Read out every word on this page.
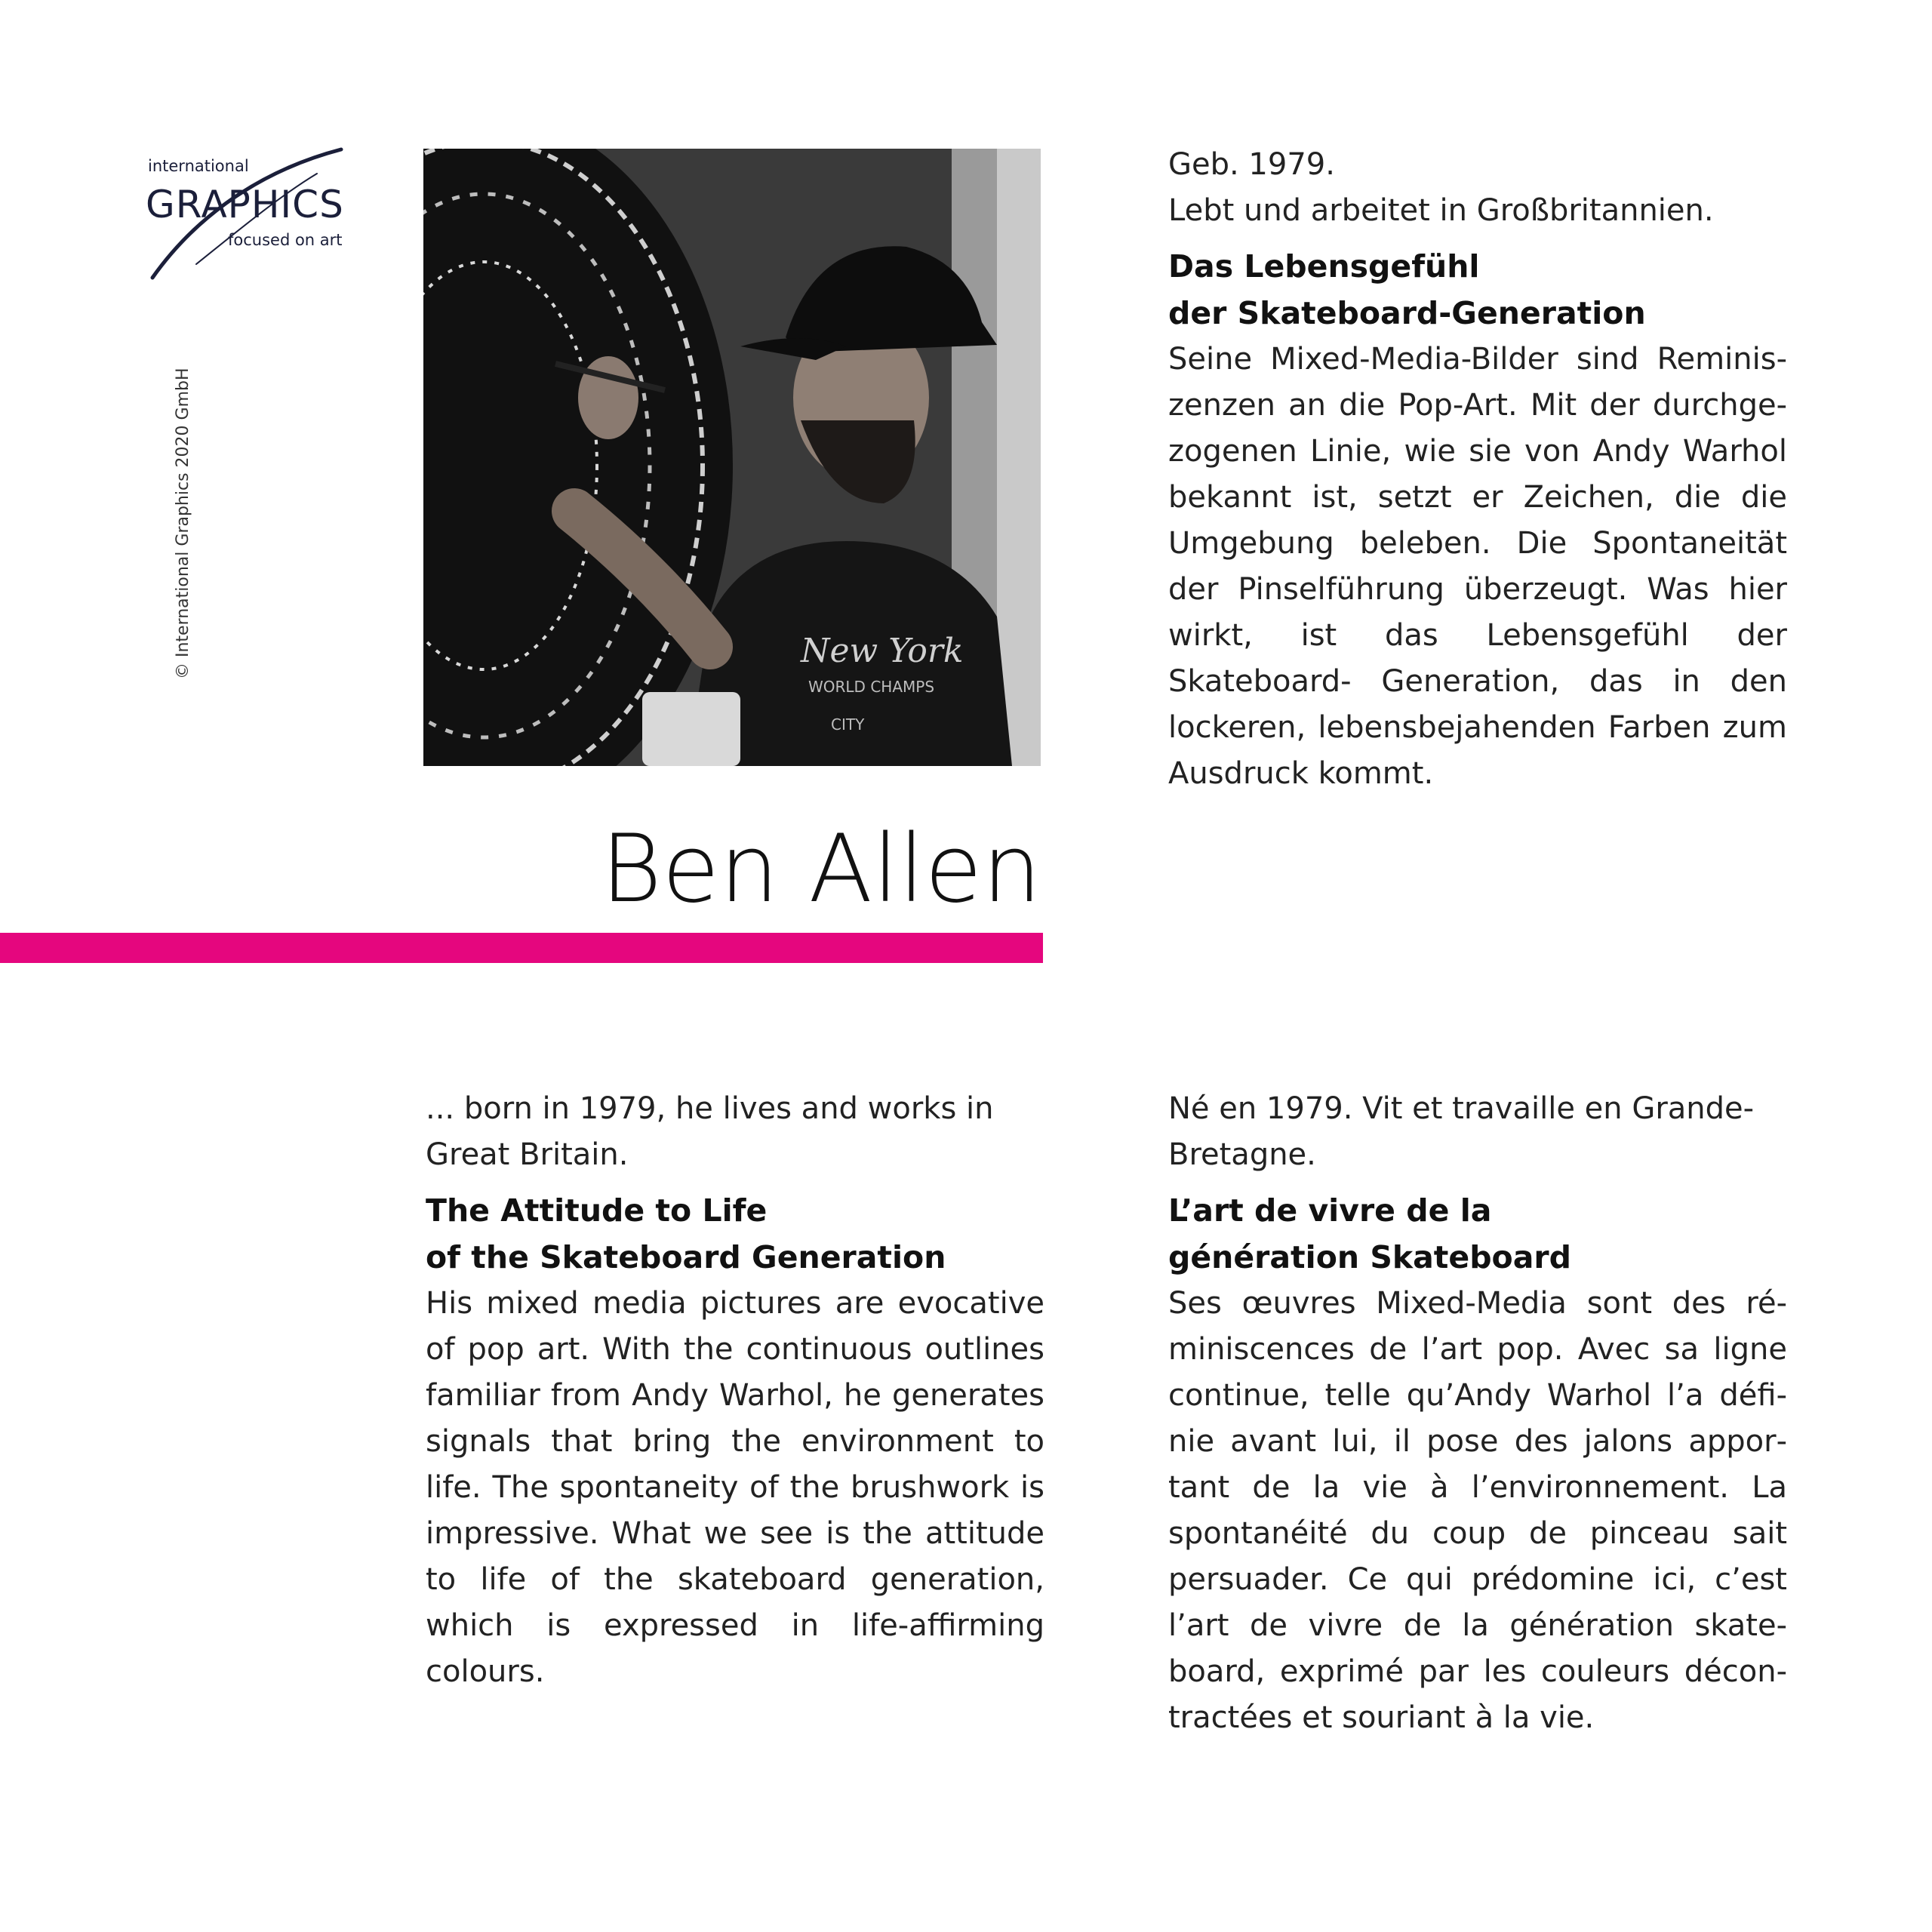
international
GRAPHICS
focused on art
© International Graphics 2020 GmbH	New York
WORLD CHAMPS
CITY
Ben Allen

Geb. 1979.
Lebt und arbeitet in Großbritannien.

Das Lebensgefühl
der Skateboard-Generation

Seine Mixed-Media-Bilder sind Reminiszenzen an die Pop-Art. Mit der durchgezogenen Linie, wie sie von Andy Warhol bekannt ist, setzt er Zeichen, die die Umgebung beleben. Die Spontaneität der Pinselführung überzeugt. Was hier wirkt, ist das Lebensgefühl der Skateboard- Generation, das in den lockeren, lebensbejahenden Farben zum Ausdruck kommt.

... born in 1979, he lives and works in
Great Britain.

The Attitude to Life
of the Skateboard Generation

His mixed media pictures are evocative of pop art. With the continuous outlines familiar from Andy Warhol, he generates signals that bring the environment to life. The spontaneity of the brushwork is impressive. What we see is the attitude to life of the skateboard generation, which is expressed in life-affirming colours.

Né en 1979. Vit et travaille en Grande-
Bretagne.

L’art de vivre de la
génération Skateboard

Ses œuvres Mixed-Media sont des réminiscences de l’art pop. Avec sa ligne continue, telle qu’Andy Warhol l’a définie avant lui, il pose des jalons apportant de la vie à l’environnement. La spontanéité du coup de pinceau sait persuader. Ce qui prédomine ici, c’est l’art de vivre de la génération skateboard, exprimé par les couleurs décontractées et souriant à la vie.
